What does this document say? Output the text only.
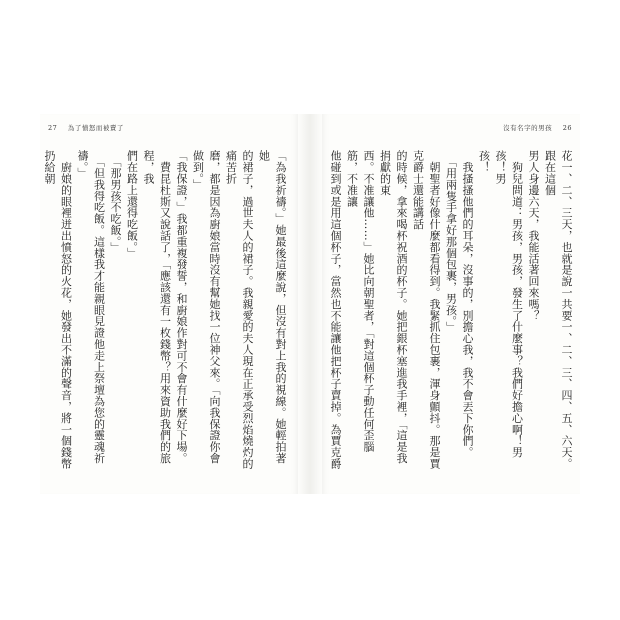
27 為了憤怒而被賣了
「為我祈禱。」她最後這麼說，但沒有對上我的視線。她輕拍著她
的裙子，過世夫人的裙子。我親愛的夫人現在正承受烈焰燒灼的痛苦折
磨，都是因為廚娘當時沒有幫她找一位神父來。「向我保證你會做到。」
「我保證，」我都重複發誓，和廚娘作對可不會有什麼好下場。
　費昆杜斯又說話了，「應該還有一枚錢幣？用來資助我們的旅程，我
們在路上還得吃飯。」
　「那男孩不吃飯。」
　「但我得吃飯。這樣我才能親眼見證他走上祭壇為您的靈魂祈禱。」
　廚娘的眼裡迸出憤怒的火花，她發出不滿的聲音，將一個錢幣扔給朝
沒有名字的男孩 26
花一、二、三天，也就是說一共要一、二、三、四、五、六天。跟在這個
男人身邊六天，我能活著回來嗎？
　狗兒問道：男孩，男孩，發生了什麼事？我們好擔心啊！男孩！男
孩！
　我搔搔他們的耳朵，沒事的，別擔心我，我不會丟下你們。
　「用兩隻手拿好那個包裹，男孩。」
　朝聖者好像什麼都看得到。我緊抓住包裹，渾身顫抖。那是賈克爵士還能講話
的時候，拿來喝杯祝酒的杯子。她把銀杯塞進我手裡，「這是我捐獻的東
西。不准讓他……」她比向朝聖者，「對這個杯子動任何歪腦筋，不准讓
他碰到或是用這個杯子，當然也不能讓他把杯子賣掉。為賈克爵
